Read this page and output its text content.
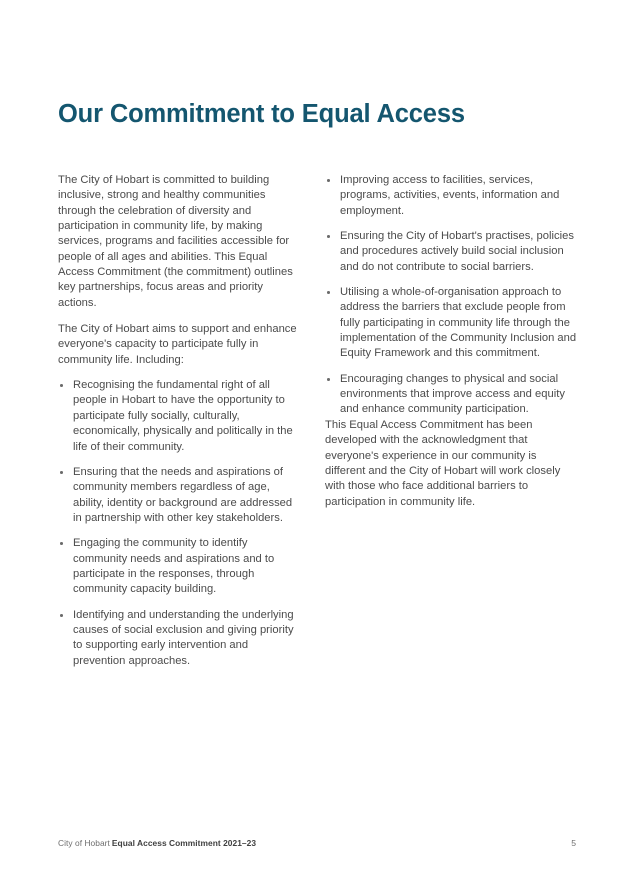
Our Commitment to Equal Access

The City of Hobart is committed to building inclusive, strong and healthy communities through the celebration of diversity and participation in community life, by making services, programs and facilities accessible for people of all ages and abilities. This Equal Access Commitment (the commitment) outlines key partnerships, focus areas and priority actions.

The City of Hobart aims to support and enhance everyone's capacity to participate fully in community life. Including:

Recognising the fundamental right of all people in Hobart to have the opportunity to participate fully socially, culturally, economically, physically and politically in the life of their community.
Ensuring that the needs and aspirations of community members regardless of age, ability, identity or background are addressed in partnership with other key stakeholders.
Engaging the community to identify community needs and aspirations and to participate in the responses, through community capacity building.
Identifying and understanding the underlying causes of social exclusion and giving priority to supporting early intervention and prevention approaches.
Improving access to facilities, services, programs, activities, events, information and employment.
Ensuring the City of Hobart's practises, policies and procedures actively build social inclusion and do not contribute to social barriers.
Utilising a whole-of-organisation approach to address the barriers that exclude people from fully participating in community life through the implementation of the Community Inclusion and Equity Framework and this commitment.
Encouraging changes to physical and social environments that improve access and equity and enhance community participation.

This Equal Access Commitment has been developed with the acknowledgment that everyone's experience in our community is different and the City of Hobart will work closely with those who face additional barriers to participation in community life.

City of Hobart Equal Access Commitment 2021–23	5
